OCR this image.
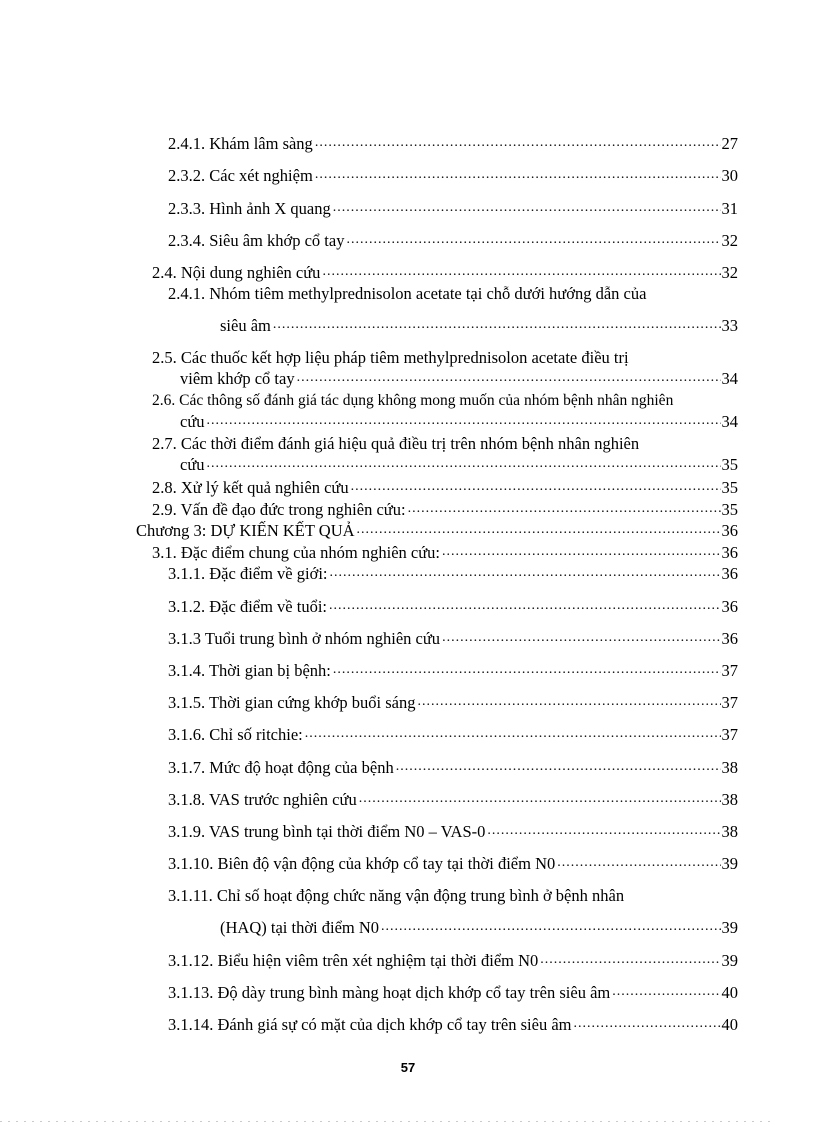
2.4.1. Khám lâm sàng .....	27
2.3.2. Các xét nghiệm .....	30
2.3.3. Hình ảnh X quang .....	31
2.3.4. Siêu âm khớp cổ tay .....	32
2.4. Nội dung nghiên cứu .....	32
2.4.1. Nhóm tiêm methylprednisolon acetate tại chỗ dưới hướng dẫn của
siêu âm .....	33
2.5. Các thuốc kết hợp liệu pháp tiêm methylprednisolon acetate điều trị
viêm khớp cổ tay .....	34
2.6. Các thông số đánh giá tác dụng không mong muốn của nhóm bệnh nhân nghiên
cứu .....	34
2.7. Các thời điểm đánh giá hiệu quả điều trị trên nhóm bệnh nhân nghiên
cứu .....	35
2.8. Xử lý kết quả nghiên cứu .....	35
2.9. Vấn đề đạo đức trong nghiên cứu: .....	35
Chương 3: DỰ KIẾN KẾT QUẢ .....	36
3.1. Đặc điểm chung của nhóm nghiên cứu: .....	36
3.1.1. Đặc điểm về giới: .....	36
3.1.2. Đặc điểm về tuổi: .....	36
3.1.3 Tuổi trung bình ở nhóm nghiên cứu .....	36
3.1.4. Thời gian bị bệnh: .....	37
3.1.5. Thời gian cứng khớp buổi sáng .....	37
3.1.6. Chỉ số ritchie: .....	37
3.1.7. Mức độ hoạt động của bệnh .....	38
3.1.8. VAS trước nghiên cứu .....	38
3.1.9. VAS trung bình tại thời điểm N0 – VAS-0 .....	38
3.1.10. Biên độ vận động của khớp cổ tay tại thời điểm N0 .....	39
3.1.11. Chỉ số hoạt động chức năng vận động trung bình ở bệnh nhân
(HAQ) tại thời điểm N0 .....	39
3.1.12. Biểu hiện viêm trên xét nghiệm tại thời điểm N0 .....	39
3.1.13. Độ dày trung bình màng hoạt dịch khớp cổ tay trên siêu âm .....	40
3.1.14. Đánh giá sự có mặt của dịch khớp cổ tay trên siêu âm .....	40
57
. . . . . . . . . . . . . . . . . . . . . . . . . . . . . . . . . . . . . . . . . . . . . . . . . . . . . . . . . . . . . . . . . . . . . . . . . . . . . . . . . . . . . . . . . . . . . . . . .
